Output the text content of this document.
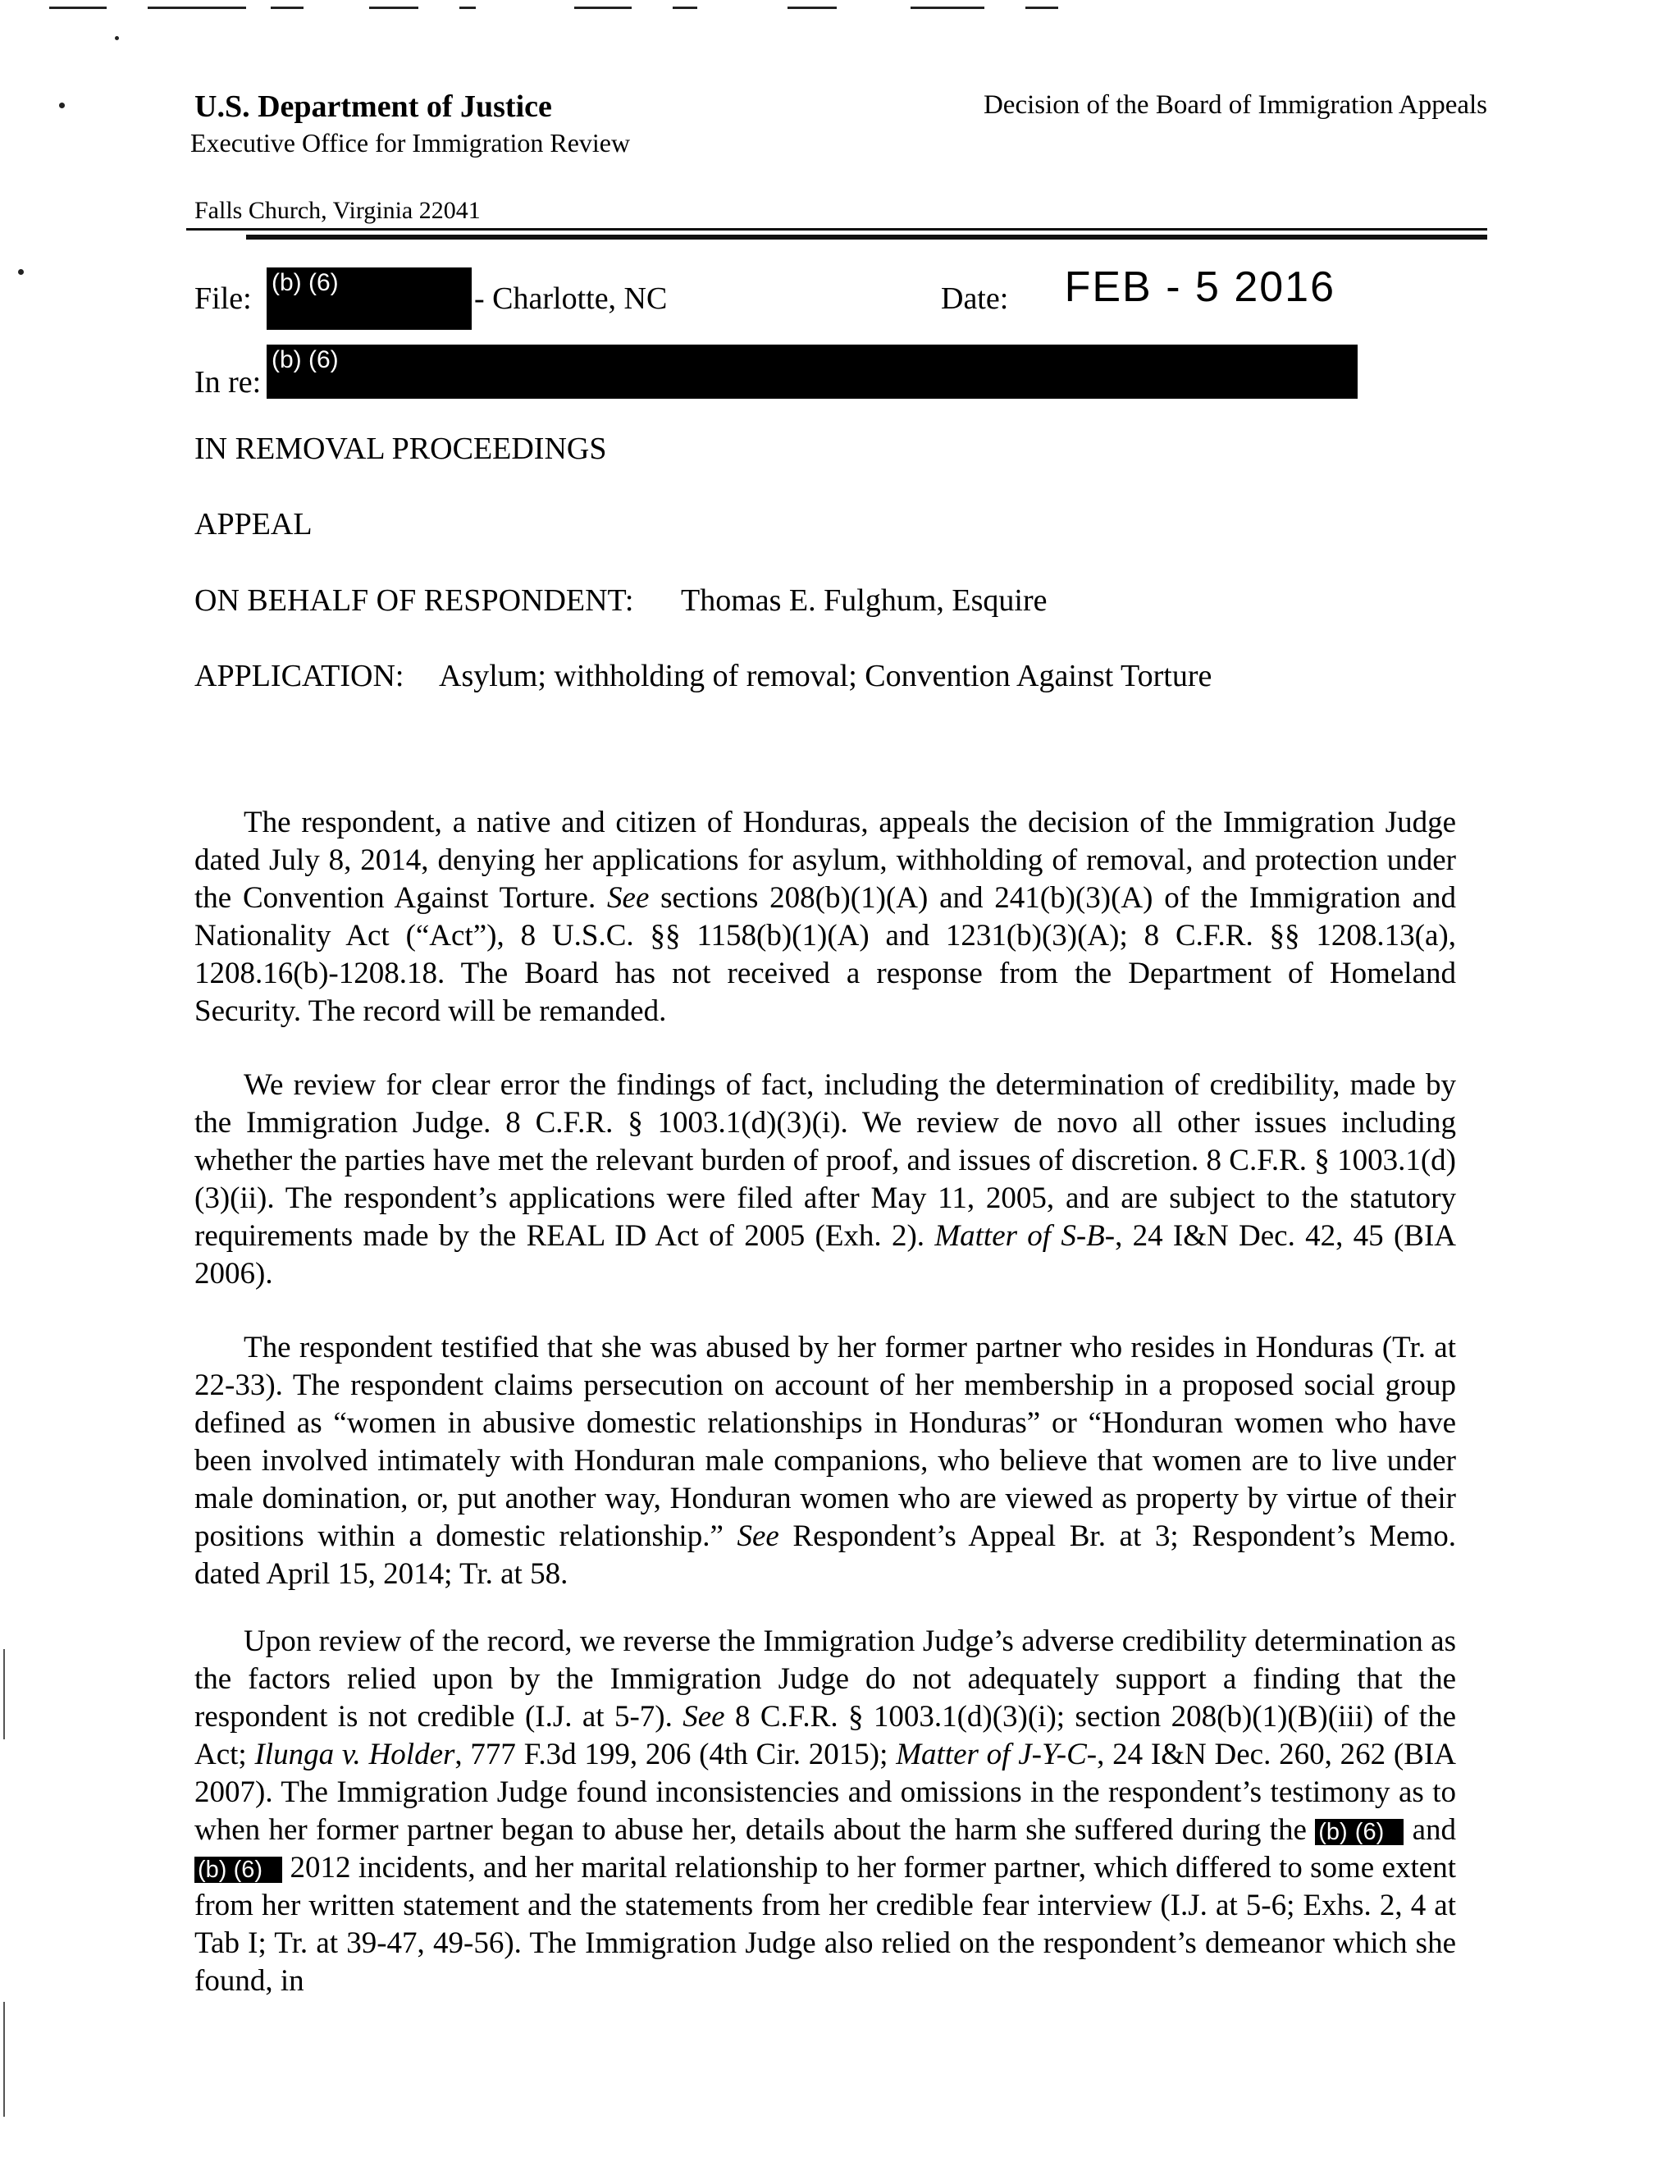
U.S. Department of Justice
Executive Office for Immigration Review
Decision of the Board of Immigration Appeals
Falls Church, Virginia 22041
File: (b) (6)	- Charlotte, NC	Date: FEB - 5 2016
In re:
(b) (6)
IN REMOVAL PROCEEDINGS
APPEAL
ON BEHALF OF RESPONDENT: Thomas E. Fulghum, Esquire
APPLICATION: Asylum; withholding of removal; Convention Against Torture

The respondent, a native and citizen of Honduras, appeals the decision of the Immigration Judge dated July 8, 2014, denying her applications for asylum, withholding of removal, and protection under the Convention Against Torture. See sections 208(b)(1)(A) and 241(b)(3)(A) of the Immigration and Nationality Act (“Act”), 8 U.S.C. §§ 1158(b)(1)(A) and 1231(b)(3)(A); 8 C.F.R. §§ 1208.13(a), 1208.16(b)-1208.18. The Board has not received a response from the Department of Homeland Security. The record will be remanded.

We review for clear error the findings of fact, including the determination of credibility, made by the Immigration Judge. 8 C.F.R. § 1003.1(d)(3)(i). We review de novo all other issues including whether the parties have met the relevant burden of proof, and issues of discretion. 8 C.F.R. § 1003.1(d)(3)(ii). The respondent’s applications were filed after May 11, 2005, and are subject to the statutory requirements made by the REAL ID Act of 2005 (Exh. 2). Matter of S-B-, 24 I&N Dec. 42, 45 (BIA 2006).

The respondent testified that she was abused by her former partner who resides in Honduras (Tr. at 22-33). The respondent claims persecution on account of her membership in a proposed social group defined as “women in abusive domestic relationships in Honduras” or “Honduran women who have been involved intimately with Honduran male companions, who believe that women are to live under male domination, or, put another way, Honduran women who are viewed as property by virtue of their positions within a domestic relationship.” See Respondent’s Appeal Br. at 3; Respondent’s Memo. dated April 15, 2014; Tr. at 58.

Upon review of the record, we reverse the Immigration Judge’s adverse credibility determination as the factors relied upon by the Immigration Judge do not adequately support a finding that the respondent is not credible (I.J. at 5-7). See 8 C.F.R. § 1003.1(d)(3)(i); section 208(b)(1)(B)(iii) of the Act; Ilunga v. Holder, 777 F.3d 199, 206 (4th Cir. 2015); Matter of J-Y-C-, 24 I&N Dec. 260, 262 (BIA 2007). The Immigration Judge found inconsistencies and omissions in the respondent’s testimony as to when her former partner began to abuse her, details about the harm she suffered during the (b) (6) and (b) (6) 2012 incidents, and her marital relationship to her former partner, which differed to some extent from her written statement and the statements from her credible fear interview (I.J. at 5-6; Exhs. 2, 4 at Tab I; Tr. at 39-47, 49-56). The Immigration Judge also relied on the respondent’s demeanor which she found, in
